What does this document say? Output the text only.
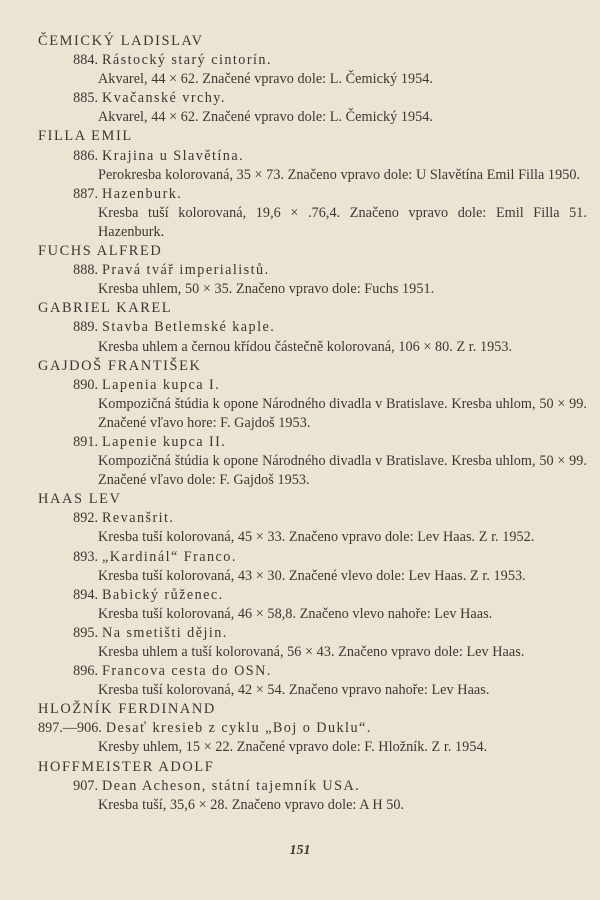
ČEMICKÝ LADISLAV
884. Rástocký starý cintorín.
Akvarel, 44 × 62. Značené vpravo dole: L. Čemický 1954.
885. Kvačanské vrchy.
Akvarel, 44 × 62. Značené vpravo dole: L. Čemický 1954.
FILLA EMIL
886. Krajina u Slavětína.
Perokresba kolorovaná, 35 × 73. Značeno vpravo dole: U Slavětína Emil Filla 1950.
887. Hazenburk.
Kresba tuší kolorovaná, 19,6 × .76,4. Značeno vpravo dole: Emil Filla 51. Hazenburk.
FUCHS ALFRED
888. Pravá tvář imperialistů.
Kresba uhlem, 50 × 35. Značeno vpravo dole: Fuchs 1951.
GABRIEL KAREL
889. Stavba Betlemské kaple.
Kresba uhlem a černou křídou částečně kolorovaná, 106 × 80. Z r. 1953.
GAJDOŠ FRANTIŠEK
890. Lapenia kupca I.
Kompozičná štúdia k opone Národného divadla v Bratislave. Kresba uhlom, 50 × 99. Značené vľavo hore: F. Gajdoš 1953.
891. Lapenie kupca II.
Kompozičná štúdia k opone Národného divadla v Bratislave. Kresba uhlom, 50 × 99. Značené vľavo dole: F. Gajdoš 1953.
HAAS LEV
892. Revanšrit.
Kresba tuší kolorovaná, 45 × 33. Značeno vpravo dole: Lev Haas. Z r. 1952.
893. „Kardinál“ Franco.
Kresba tuší kolorovaná, 43 × 30. Značené vlevo dole: Lev Haas. Z r. 1953.
894. Babický růženec.
Kresba tuší kolorovaná, 46 × 58,8. Značeno vlevo nahoře: Lev Haas.
895. Na smetišti dějin.
Kresba uhlem a tuší kolorovaná, 56 × 43. Značeno vpravo dole: Lev Haas.
896. Francova cesta do OSN.
Kresba tuší kolorovaná, 42 × 54. Značeno vpravo nahoře: Lev Haas.
HLOŽNÍK FERDINAND
897.—906. Desať kresieb z cyklu „Boj o Duklu“.
Kresby uhlem, 15 × 22. Značené vpravo dole: F. Hložník. Z r. 1954.
HOFFMEISTER ADOLF
907. Dean Acheson, státní tajemník USA.
Kresba tuší, 35,6 × 28. Značeno vpravo dole: A H 50.
151
